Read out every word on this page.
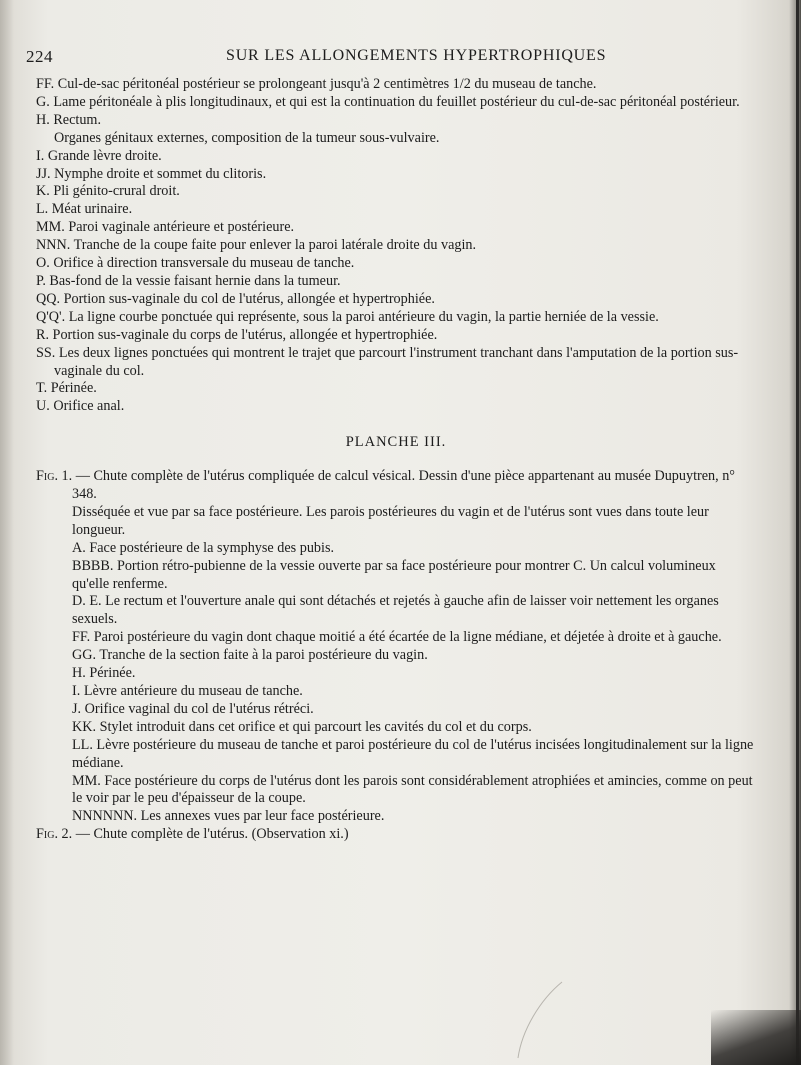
224	SUR LES ALLONGEMENTS HYPERTROPHIQUES

FF. Cul-de-sac péritonéal postérieur se prolongeant jusqu'à 2 centimètres 1/2 du museau de tanche.

G. Lame péritonéale à plis longitudinaux, et qui est la continuation du feuillet postérieur du cul-de-sac péritonéal postérieur.

H. Rectum.

Organes génitaux externes, composition de la tumeur sous-vulvaire.

I. Grande lèvre droite.

JJ. Nymphe droite et sommet du clitoris.

K. Pli génito-crural droit.

L. Méat urinaire.

MM. Paroi vaginale antérieure et postérieure.

NNN. Tranche de la coupe faite pour enlever la paroi latérale droite du vagin.

O. Orifice à direction transversale du museau de tanche.

P. Bas-fond de la vessie faisant hernie dans la tumeur.

QQ. Portion sus-vaginale du col de l'utérus, allongée et hypertrophiée.

Q'Q'. La ligne courbe ponctuée qui représente, sous la paroi antérieure du vagin, la partie herniée de la vessie.

R. Portion sus-vaginale du corps de l'utérus, allongée et hypertrophiée.

SS. Les deux lignes ponctuées qui montrent le trajet que parcourt l'instrument tranchant dans l'amputation de la portion sus-vaginale du col.

T. Périnée.

U. Orifice anal.

PLANCHE III.

Fig. 1. — Chute complète de l'utérus compliquée de calcul vésical. Dessin d'une pièce appartenant au musée Dupuytren, n° 348.

Disséquée et vue par sa face postérieure. Les parois postérieures du vagin et de l'utérus sont vues dans toute leur longueur.

A. Face postérieure de la symphyse des pubis.

BBBB. Portion rétro-pubienne de la vessie ouverte par sa face postérieure pour montrer C. Un calcul volumineux qu'elle renferme.

D. E. Le rectum et l'ouverture anale qui sont détachés et rejetés à gauche afin de laisser voir nettement les organes sexuels.

FF. Paroi postérieure du vagin dont chaque moitié a été écartée de la ligne médiane, et déjetée à droite et à gauche.

GG. Tranche de la section faite à la paroi postérieure du vagin.

H. Périnée.

I. Lèvre antérieure du museau de tanche.

J. Orifice vaginal du col de l'utérus rétréci.

KK. Stylet introduit dans cet orifice et qui parcourt les cavités du col et du corps.

LL. Lèvre postérieure du museau de tanche et paroi postérieure du col de l'utérus incisées longitudinalement sur la ligne médiane.

MM. Face postérieure du corps de l'utérus dont les parois sont considérablement atrophiées et amincies, comme on peut le voir par le peu d'épaisseur de la coupe.

NNNNNN. Les annexes vues par leur face postérieure.

Fig. 2. — Chute complète de l'utérus. (Observation xi.)
